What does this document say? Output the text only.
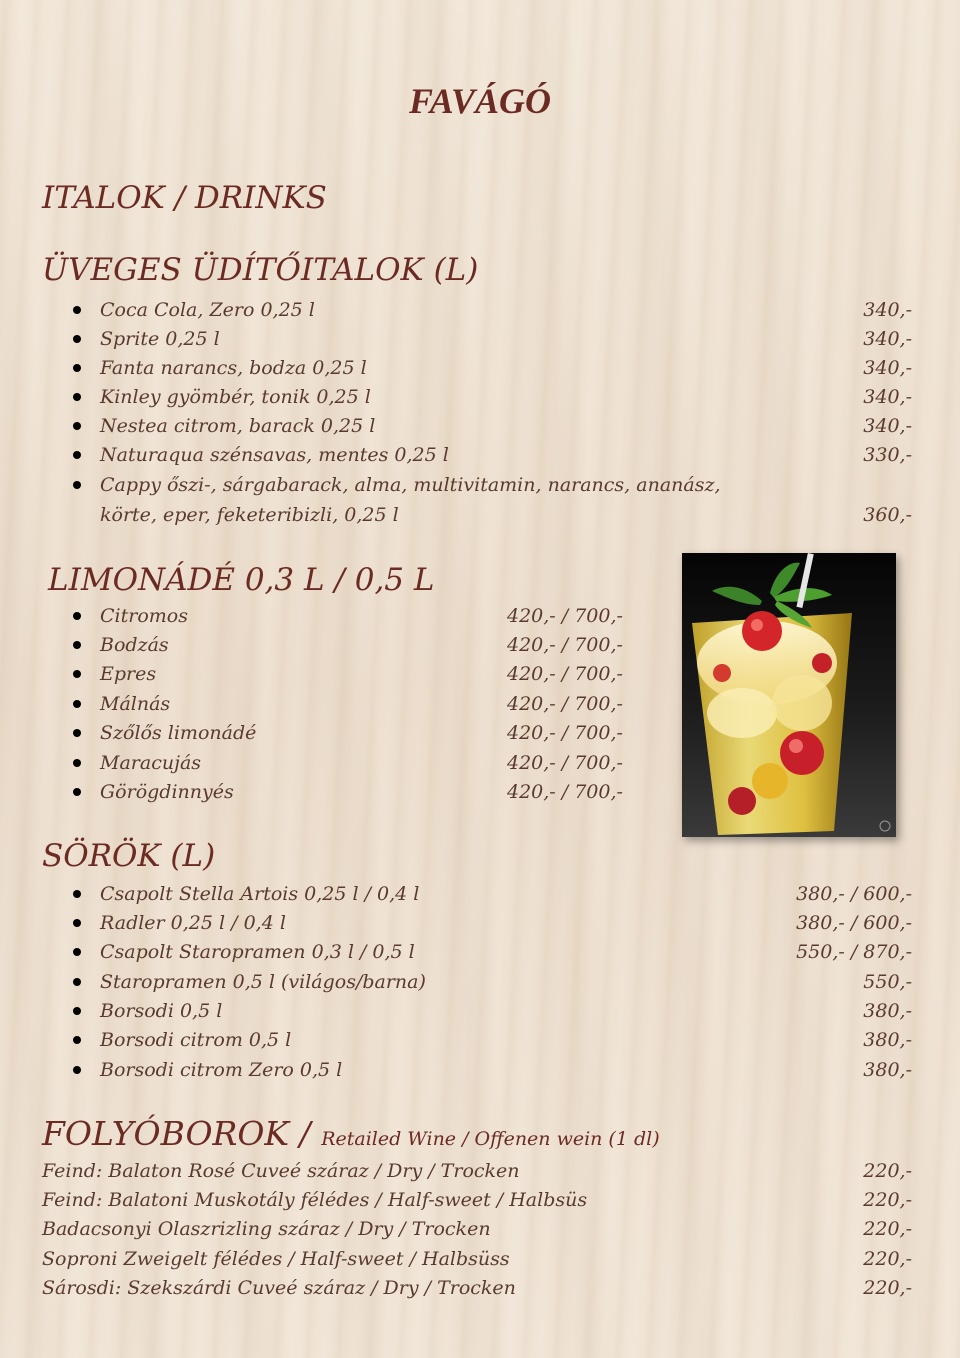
FAVÁGÓ
ITALOK / DRINKS
ÜVEGES ÜDÍTŐITALOK (L)
Coca Cola, Zero 0,25 l	340,-
Sprite 0,25 l	340,-
Fanta narancs, bodza 0,25 l	340,-
Kinley gyömbér, tonik 0,25 l	340,-
Nestea citrom, barack 0,25 l	340,-
Naturaqua szénsavas, mentes 0,25 l	330,-
Cappy őszi-, sárgabarack, alma, multivitamin, narancs, ananász,
körte, eper, feketeribizli, 0,25 l	360,-
LIMONÁDÉ 0,3 L / 0,5 L
Citromos	420,- / 700,-
Bodzás	420,- / 700,-
Epres	420,- / 700,-
Málnás	420,- / 700,-
Szőlős limonádé	420,- / 700,-
Maracujás	420,- / 700,-
Görögdinnyés	420,- / 700,-
SÖRÖK (L)
Csapolt Stella Artois 0,25 l / 0,4 l	380,- / 600,-
Radler 0,25 l / 0,4 l	380,- / 600,-
Csapolt Staropramen 0,3 l / 0,5 l	550,- / 870,-
Staropramen 0,5 l (világos/barna)	550,-
Borsodi 0,5 l	380,-
Borsodi citrom 0,5 l	380,-
Borsodi citrom Zero 0,5 l	380,-
FOLYÓBOROK / Retailed Wine / Offenen wein (1 dl)
Feind: Balaton Rosé Cuveé száraz / Dry / Trocken	220,-
Feind: Balatoni Muskotály félédes / Half-sweet / Halbsüs	220,-
Badacsonyi Olaszrizling száraz / Dry / Trocken	220,-
Soproni Zweigelt félédes / Half-sweet / Halbsüss	220,-
Sárosdi: Szekszárdi Cuveé száraz / Dry / Trocken	220,-
